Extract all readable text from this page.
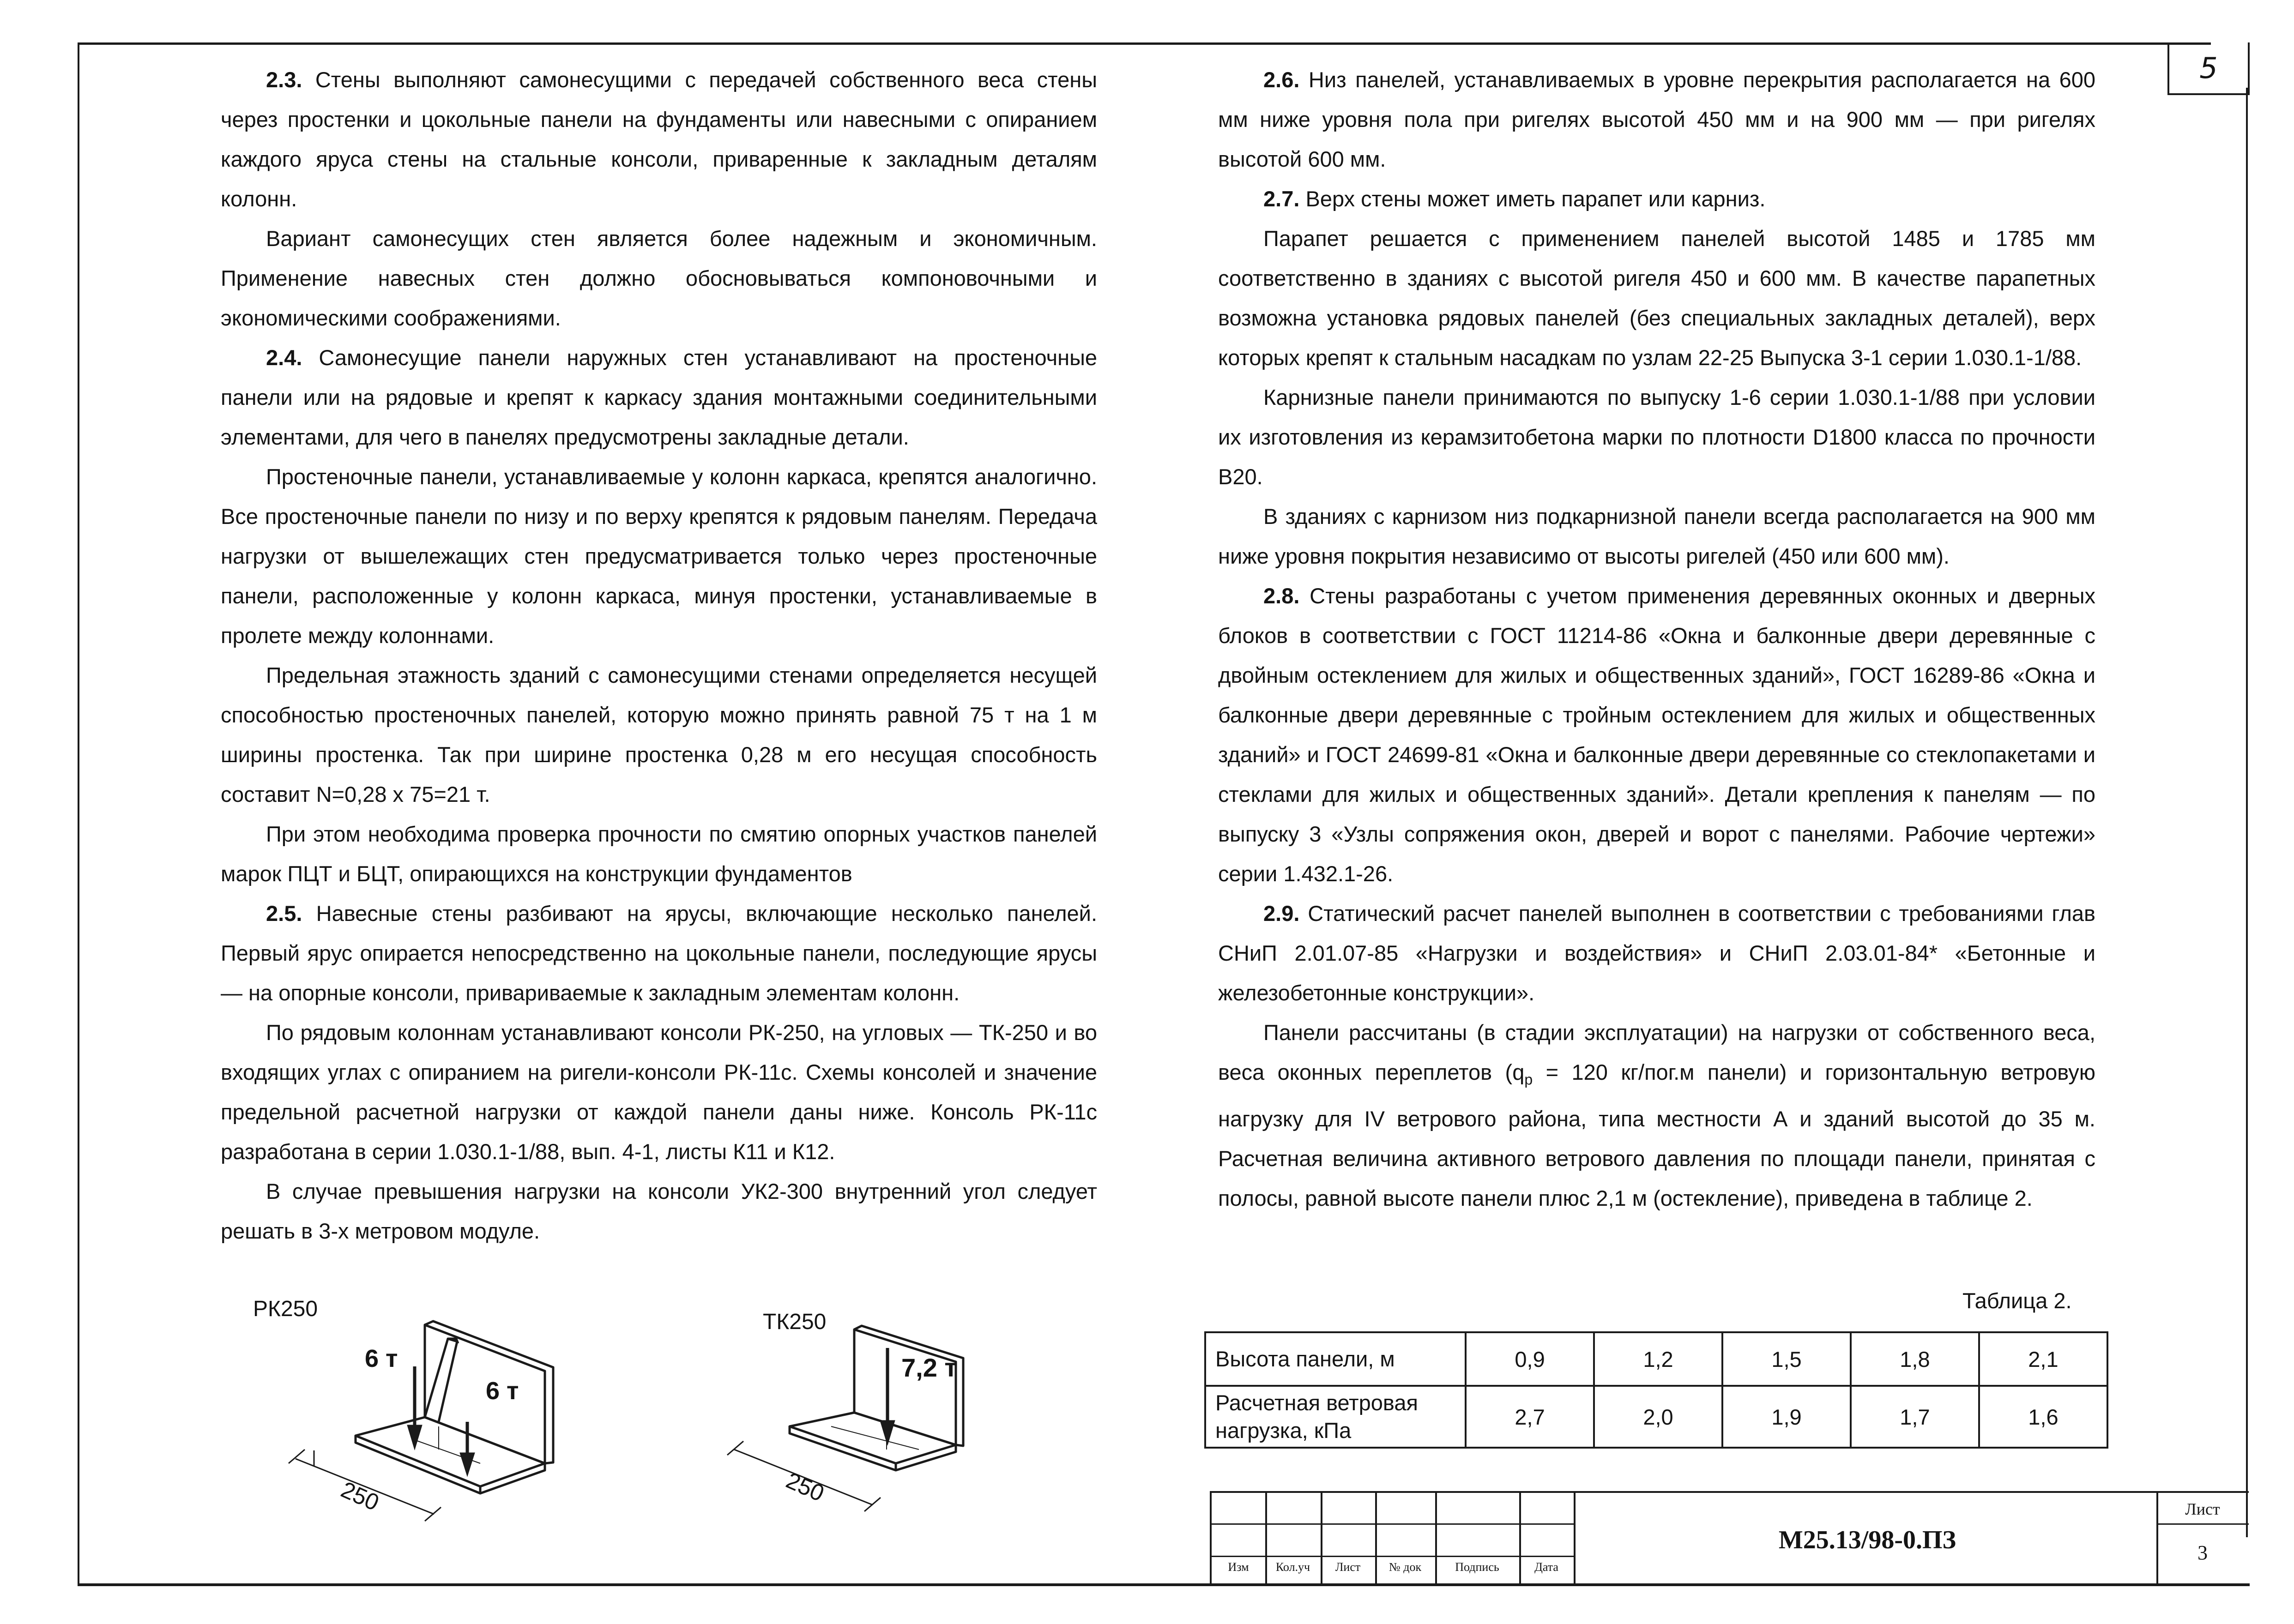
5

2.3. Стены выполняют самонесущими с передачей собственного веса стены через простенки и цокольные панели на фундаменты или навесными с опиранием каждого яруса стены на стальные консоли, приваренные к закладным деталям колонн.

Вариант самонесущих стен является более надежным и экономичным. Применение навесных стен должно обосновываться компоновочными и экономическими соображениями.

2.4. Самонесущие панели наружных стен устанавливают на простеночные панели или на рядовые и крепят к каркасу здания монтажными соединительными элементами, для чего в панелях предусмотрены закладные детали.

Простеночные панели, устанавливаемые у колонн каркаса, крепятся аналогично. Все простеночные панели по низу и по верху крепятся к рядовым панелям. Передача нагрузки от вышележащих стен предусматривается только через простеночные панели, расположенные у колонн каркаса, минуя простенки, устанавливаемые в пролете между колоннами.

Предельная этажность зданий с самонесущими стенами определяется несущей способностью простеночных панелей, которую можно принять равной 75 т на 1 м ширины простенка. Так при ширине простенка 0,28 м его несущая способность составит N=0,28 x 75=21 т.

При этом необходима проверка прочности по смятию опорных участков панелей марок ПЦТ и БЦТ, опирающихся на конструкции фундаментов

2.5. Навесные стены разбивают на ярусы, включающие несколько панелей. Первый ярус опирается непосредственно на цокольные панели, последующие ярусы — на опорные консоли, привариваемые к закладным элементам колонн.

По рядовым колоннам устанавливают консоли РК-250, на угловых — ТК-250 и во входящих углах с опиранием на ригели-консоли РК-11с. Схемы консолей и значение предельной расчетной нагрузки от каждой панели даны ниже. Консоль РК-11с разработана в серии 1.030.1-1/88, вып. 4-1, листы К11 и К12.

В случае превышения нагрузки на консоли УК2-300 внутренний угол следует решать в 3-х метровом модуле.

2.6. Низ панелей, устанавливаемых в уровне перекрытия располагается на 600 мм ниже уровня пола при ригелях высотой 450 мм и на 900 мм — при ригелях высотой 600 мм.

2.7. Верх стены может иметь парапет или карниз.

Парапет решается с применением панелей высотой 1485 и 1785 мм соответственно в зданиях с высотой ригеля 450 и 600 мм. В качестве парапетных возможна установка рядовых панелей (без специальных закладных деталей), верх которых крепят к стальным насадкам по узлам 22-25 Выпуска 3-1 серии 1.030.1-1/88.

Карнизные панели принимаются по выпуску 1-6 серии 1.030.1-1/88 при условии их изготовления из керамзитобетона марки по плотности D1800 класса по прочности В20.

В зданиях с карнизом низ подкарнизной панели всегда располагается на 900 мм ниже уровня покрытия независимо от высоты ригелей (450 или 600 мм).

2.8. Стены разработаны с учетом применения деревянных оконных и дверных блоков в соответствии с ГОСТ 11214-86 «Окна и балконные двери деревянные с двойным остеклением для жилых и общественных зданий», ГОСТ 16289-86 «Окна и балконные двери деревянные с тройным остеклением для жилых и общественных зданий» и ГОСТ 24699-81 «Окна и балконные двери деревянные со стеклопакетами и стеклами для жилых и общественных зданий». Детали крепления к панелям — по выпуску 3 «Узлы сопряжения окон, дверей и ворот с панелями. Рабочие чертежи» серии 1.432.1-26.

2.9. Статический расчет панелей выполнен в соответствии с требованиями глав СНиП 2.01.07-85 «Нагрузки и воздействия» и СНиП 2.03.01-84* «Бетонные и железобетонные конструкции».

Панели рассчитаны (в стадии эксплуатации) на нагрузки от собственного веса, веса оконных переплетов ($q_р = 120$ кг/пог.м панели) и горизонтальную ветровую нагрузку для IV ветрового района, типа местности А и зданий высотой до 35 м. Расчетная величина активного ветрового давления по площади панели, принятая с полосы, равной высоте панели плюс 2,1 м (остекление), приведена в таблице 2.

РК250
6 т
6 т
250
ТК250
7,2 т
250
Таблица 2.
Высота панели, м	0,9	1,2	1,5	1,8	2,1
Расчетная ветровая нагрузка, кПа	2,7	2,0	1,9	1,7	1,6
Изм	Кол.уч	Лист	№ док	Подпись	Дата
М25.13/98-0.ПЗ
Лист
3
